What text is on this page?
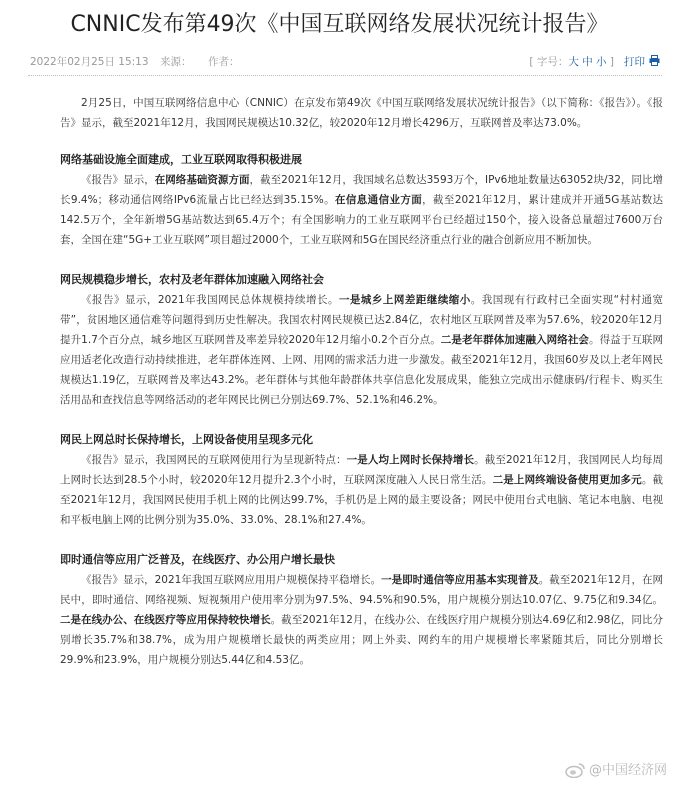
CNNIC发布第49次《中国互联网络发展状况统计报告》
2022年02月25日 15:13 来源： 作者：	[ 字号：大 中 小 ] 打印

2月25日，中国互联网络信息中心（CNNIC）在京发布第49次《中国互联网络发展状况统计报告》（以下简称：《报告》）。《报告》显示，截至2021年12月，我国网民规模达10.32亿，较2020年12月增长4296万，互联网普及率达73.0%。

网络基础设施全面建成，工业互联网取得积极进展

《报告》显示，在网络基础资源方面，截至2021年12月，我国域名总数达3593万个，IPv6地址数量达63052块/32，同比增长9.4%；移动通信网络IPv6流量占比已经达到35.15%。在信息通信业方面，截至2021年12月，累计建成并开通5G基站数达142.5万个，全年新增5G基站数达到65.4万个；有全国影响力的工业互联网平台已经超过150个，接入设备总量超过7600万台套，全国在建“5G+工业互联网”项目超过2000个，工业互联网和5G在国民经济重点行业的融合创新应用不断加快。

网民规模稳步增长，农村及老年群体加速融入网络社会

《报告》显示，2021年我国网民总体规模持续增长。一是城乡上网差距继续缩小。我国现有行政村已全面实现“村村通宽带”，贫困地区通信难等问题得到历史性解决。我国农村网民规模已达2.84亿，农村地区互联网普及率为57.6%，较2020年12月提升1.7个百分点，城乡地区互联网普及率差异较2020年12月缩小0.2个百分点。二是老年群体加速融入网络社会。得益于互联网应用适老化改造行动持续推进，老年群体连网、上网、用网的需求活力进一步激发。截至2021年12月，我国60岁及以上老年网民规模达1.19亿，互联网普及率达43.2%。老年群体与其他年龄群体共享信息化发展成果，能独立完成出示健康码/行程卡、购买生活用品和查找信息等网络活动的老年网民比例已分别达69.7%、52.1%和46.2%。

网民上网总时长保持增长，上网设备使用呈现多元化

《报告》显示，我国网民的互联网使用行为呈现新特点：一是人均上网时长保持增长。截至2021年12月，我国网民人均每周上网时长达到28.5个小时，较2020年12月提升2.3个小时，互联网深度融入人民日常生活。二是上网终端设备使用更加多元。截至2021年12月，我国网民使用手机上网的比例达99.7%，手机仍是上网的最主要设备；网民中使用台式电脑、笔记本电脑、电视和平板电脑上网的比例分别为35.0%、33.0%、28.1%和27.4%。

即时通信等应用广泛普及，在线医疗、办公用户增长最快

《报告》显示，2021年我国互联网应用用户规模保持平稳增长。一是即时通信等应用基本实现普及。截至2021年12月，在网民中，即时通信、网络视频、短视频用户使用率分别为97.5%、94.5%和90.5%，用户规模分别达10.07亿、9.75亿和9.34亿。二是在线办公、在线医疗等应用保持较快增长。截至2021年12月，在线办公、在线医疗用户规模分别达4.69亿和2.98亿，同比分别增长35.7%和38.7%，成为用户规模增长最快的两类应用；网上外卖、网约车的用户规模增长率紧随其后，同比分别增长29.9%和23.9%，用户规模分别达5.44亿和4.53亿。

@中国经济网
